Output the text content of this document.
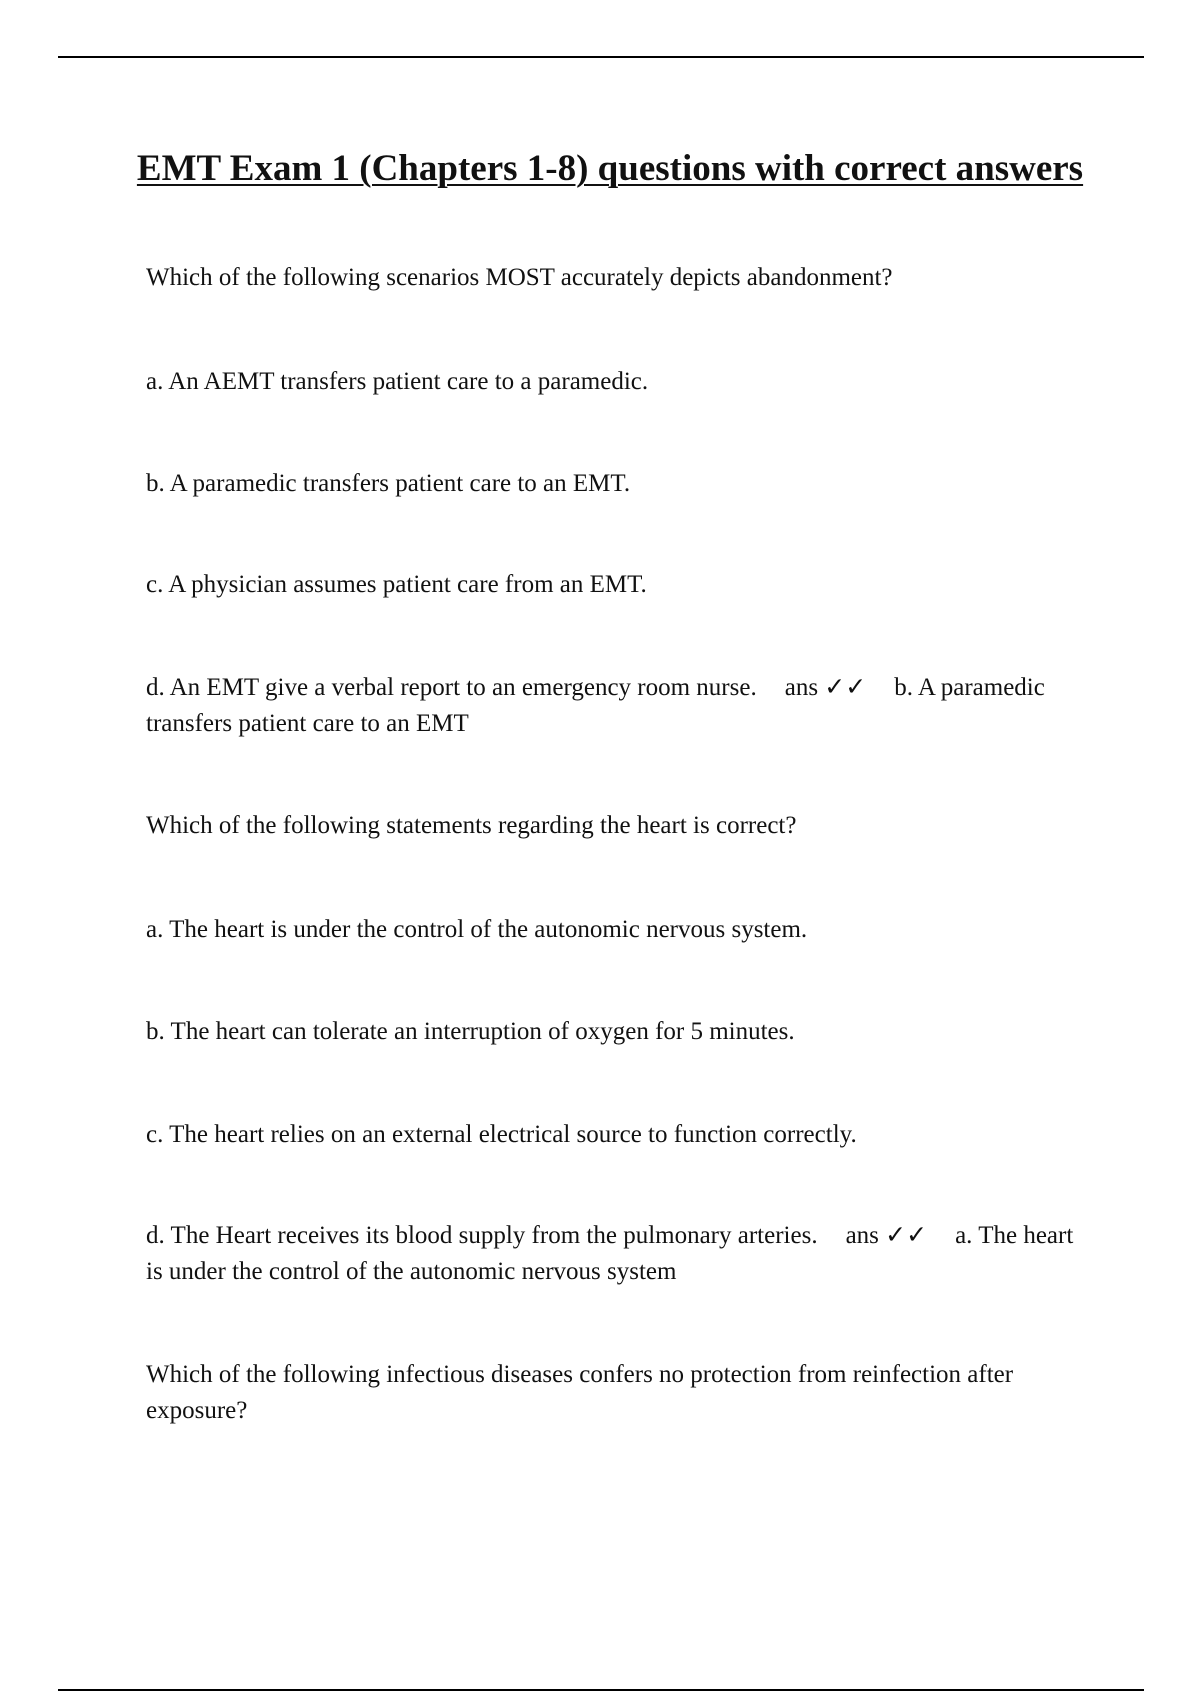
EMT Exam 1 (Chapters 1-8) questions with correct answers

Which of the following scenarios MOST accurately depicts abandonment?

a. An AEMT transfers patient care to a paramedic.

b. A paramedic transfers patient care to an EMT.

c. A physician assumes patient care from an EMT.

d. An EMT give a verbal report to an emergency room nurse. ans ✓✓ b. A paramedic transfers patient care to an EMT

Which of the following statements regarding the heart is correct?

a. The heart is under the control of the autonomic nervous system.

b. The heart can tolerate an interruption of oxygen for 5 minutes.

c. The heart relies on an external electrical source to function correctly.

d. The Heart receives its blood supply from the pulmonary arteries. ans ✓✓ a. The heart is under the control of the autonomic nervous system

Which of the following infectious diseases confers no protection from reinfection after exposure?
